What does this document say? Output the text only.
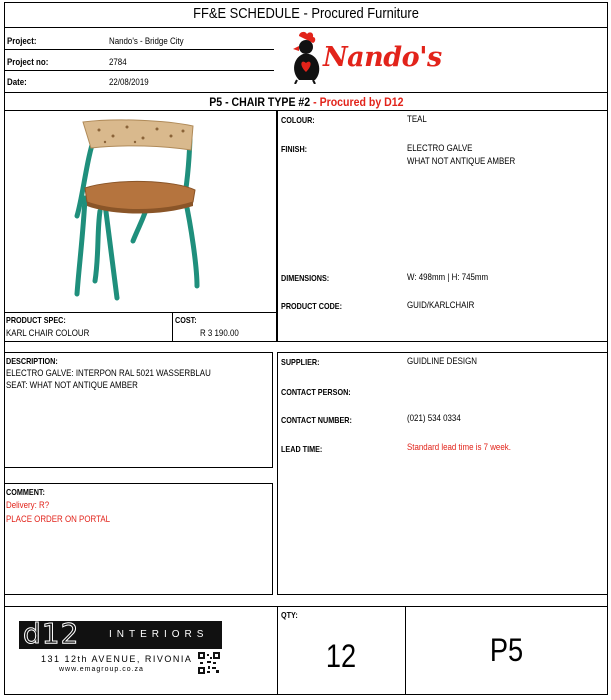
FF&E SCHEDULE - Procured Furniture
Project:	Nando's - Bridge City
Project no:	2784
Date:	22/08/2019
Nando's
P5 - CHAIR TYPE #2 - Procured by D12
PRODUCT SPEC:
KARL CHAIR COLOUR
COST:
R 3 190.00
COLOUR:	TEAL
FINISH:	ELECTRO GALVE
WHAT NOT ANTIQUE AMBER
DIMENSIONS:	W: 498mm | H: 745mm
PRODUCT CODE:	GUID/KARLCHAIR
DESCRIPTION:
ELECTRO GALVE: INTERPON RAL 5021 WASSERBLAU
SEAT: WHAT NOT ANTIQUE AMBER
SUPPLIER:	GUIDLINE DESIGN
CONTACT PERSON:
CONTACT NUMBER:	(021) 534 0334
LEAD TIME:	Standard lead time is 7 week.
COMMENT:
Delivery: R?
PLACE ORDER ON PORTAL
d12	INTERIORS
131 12th AVENUE, RIVONIA
www.emagroup.co.za
QTY:
12	P5
